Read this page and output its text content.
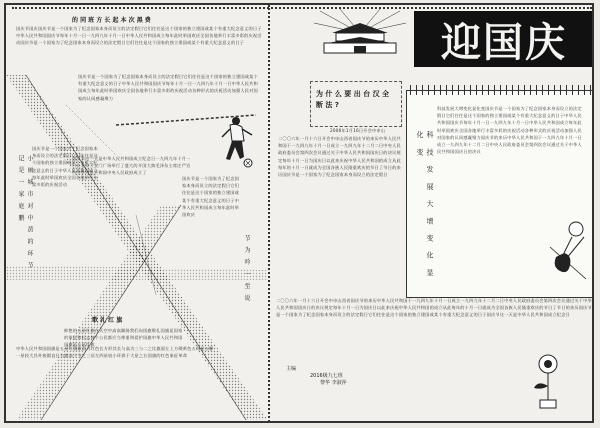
的 同 班 方 长 起 本 次 黑 费
国庆节国庆国庆节是一个国家为了纪念国家本身而设立的法定假日它们往往是这个国家的独立建国或某个有重大纪念意义的日子中华人民共和国国庆节每年十月一日一九四九年十月一日中华人民共和国成立每年此时举国欢庆全国各地举行丰富多彩的庆祝活动国庆节是一个国家为了纪念国家本身而设立的法定假日它们往往是这个国家的独立建国或某个有重大纪念意义的日子
国庆节是一个国家为了纪念国家本身而设立的法定假日它们往往是这个国家的独立建国或某个有重大纪念意义的日子中华人民共和国国庆节每年十月一日一九四九年十月一日中华人民共和国成立每年此时举国欢庆全国各地举行丰富多彩的庆祝活动各种形式的庆祝活动加强人民对国家的认同感凝聚力
小 丽 城 市 对 中 黄 的 环 节 记 是 一 家 庭 鹏
国庆节是一个国家为了纪念国家本身而设立的法定假日它们往往是这个国家的独立建国或某个有重大纪念意义的日子中华人民共和国成立每年此时举国欢庆全国各地举行丰富多彩的庆祝活动
国庆节这一天是中华人民共和国成立纪念日一九四九年十月一日在北京天安门广场举行了盛大的开国大典毛泽东主席庄严宣告中华人民共和国中央人民政府成立了
国庆节是一个国家为了纪念国家本身而设立的法定假日它们往往是这个国家的独立建国或某个有重大纪念意义的日子中华人民共和国成立每年此时举国欢庆
节 为 吟 一 至 说
歌 礼 红 旗
鲜艳的五星红旗在天空中高高飘扬我们向国旗敬礼国旗是国家的象征和标志每个公民都应当尊重和爱护国旗中华人民共和国国旗是五星红旗
中华人民共和国国旗是五星红旗旗面为红色长方形其长与高为三与二之比旗面左上方缀黄色五角星五颗一星较大其外接圆直径为旗高十分之三居左四星较小环拱于大星之右国旗的红色象征革命
迎国庆
为 什 么 要 出 台 汉 全 断 法 ?
2006年1月16日开会中申山
二〇〇六年一月十六日开会中申山西省国庆节的来历中华人民共和国于一九四九年十月一日成立一九四九年十二月二日中央人民政府委员会第四次会议通过关于中华人民共和国国庆日的决议规定每年十月一日为国庆日以此来庆祝中华人民共和国的成立从此每年的十月一日就成为全国各族人民隆重欢庆的节日了节日的来历国庆节是一个国家为了纪念国家本身而设立的法定假日
二〇〇六年一月十六日开会中申山西省国庆节的来历中华人民共和国于一九四九年十月一日成立一九四九年十二月二日中央人民政府委员会第四次会议通过关于中华人民共和国国庆日的决议规定每年十月一日为国庆日以此来庆祝中华人民共和国的成立从此每年的十月一日就成为全国各族人民隆重欢庆的节日了节日的来历国庆节是一个国家为了纪念国家本身而设立的法定假日它们往往是这个国家的独立建国或某个有重大纪念意义的日子国庆节这一天是中华人民共和国成立纪念日
主编
2016级九七班
黎华 李淑萍
科 技 发 展 大 增 变 化 显 化 变
科技发展大增变化显化变国庆节是一个国家为了纪念国家本身而设立的法定假日它们往往是这个国家的独立建国或某个有重大纪念意义的日子中华人民共和国国庆节每年十月一日一九四九年十月一日中华人民共和国成立每年此时举国欢庆全国各地举行丰富多彩的庆祝活动各种形式的庆祝活动加强人民对国家的认同感凝聚力国庆节的来历中华人民共和国于一九四九年十月一日成立一九四九年十二月二日中央人民政府委员会第四次会议通过关于中华人民共和国国庆日的决议
